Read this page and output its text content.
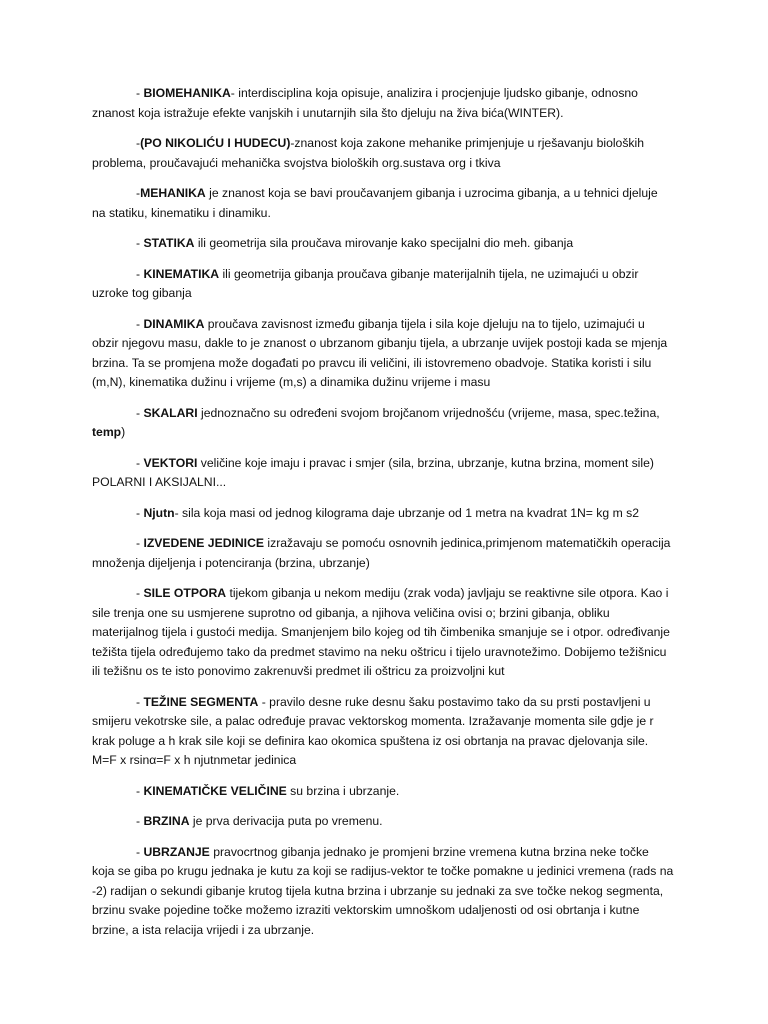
- BIOMEHANIKA- interdisciplina koja opisuje, analizira i procjenjuje ljudsko gibanje, odnosno znanost koja istražuje efekte vanjskih i unutarnjih sila što djeluju na živa bića(WINTER).

-(PO NIKOLIĆU I HUDECU)-znanost koja zakone mehanike primjenjuje u rješavanju bioloških problema, proučavajući mehanička svojstva bioloških org.sustava org i tkiva

-MEHANIKA je znanost koja se bavi proučavanjem gibanja i uzrocima gibanja, a u tehnici djeluje na statiku, kinematiku i dinamiku.

- STATIKA ili geometrija sila proučava mirovanje kako specijalni dio meh. gibanja

- KINEMATIKA ili geometrija gibanja proučava gibanje materijalnih tijela, ne uzimajući u obzir uzroke tog gibanja

- DINAMIKA proučava zavisnost između gibanja tijela i sila koje djeluju na to tijelo, uzimajući u obzir njegovu masu, dakle to je znanost o ubrzanom gibanju tijela, a ubrzanje uvijek postoji kada se mjenja brzina. Ta se promjena može događati po pravcu ili veličini, ili istovremeno obadvoje. Statika koristi i silu (m,N), kinematika dužinu i vrijeme (m,s) a dinamika dužinu vrijeme i masu

- SKALARI jednoznačno su određeni svojom brojčanom vrijednošću (vrijeme, masa, spec.težina, temp)

- VEKTORI veličine koje imaju i pravac i smjer (sila, brzina, ubrzanje, kutna brzina, moment sile) POLARNI I AKSIJALNI...

- Njutn- sila koja masi od jednog kilograma daje ubrzanje od 1 metra na kvadrat 1N= kg m s2

- IZVEDENE JEDINICE izražavaju se pomoću osnovnih jedinica,primjenom matematičkih operacija množenja dijeljenja i potenciranja (brzina, ubrzanje)

- SILE OTPORA tijekom gibanja u nekom mediju (zrak voda) javljaju se reaktivne sile otpora. Kao i sile trenja one su usmjerene suprotno od gibanja, a njihova veličina ovisi o; brzini gibanja, obliku materijalnog tijela i gustoći medija. Smanjenjem bilo kojeg od tih čimbenika smanjuje se i otpor. određivanje težišta tijela određujemo tako da predmet stavimo na neku oštricu i tijelo uravnotežimo. Dobijemo težišnicu ili težišnu os te isto ponovimo zakrenuvši predmet ili oštricu za proizvoljni kut

- TEŽINE SEGMENTA - pravilo desne ruke desnu šaku postavimo tako da su prsti postavljeni u smijeru vekotrske sile, a palac određuje pravac vektorskog momenta. Izražavanje momenta sile gdje je r krak poluge a h krak sile koji se definira kao okomica spuštena iz osi obrtanja na pravac djelovanja sile. M=F x rsinα=F x h njutnmetar jedinica

- KINEMATIČKE VELIČINE su brzina i ubrzanje.

- BRZINA je prva derivacija puta po vremenu.

- UBRZANJE pravocrtnog gibanja jednako je promjeni brzine vremena kutna brzina neke točke koja se giba po krugu jednaka je kutu za koji se radijus-vektor te točke pomakne u jedinici vremena (rads na -2) radijan o sekundi gibanje krutog tijela kutna brzina i ubrzanje su jednaki za sve točke nekog segmenta, brzinu svake pojedine točke možemo izraziti vektorskim umnoškom udaljenosti od osi obrtanja i kutne brzine, a ista relacija vrijedi i za ubrzanje.
